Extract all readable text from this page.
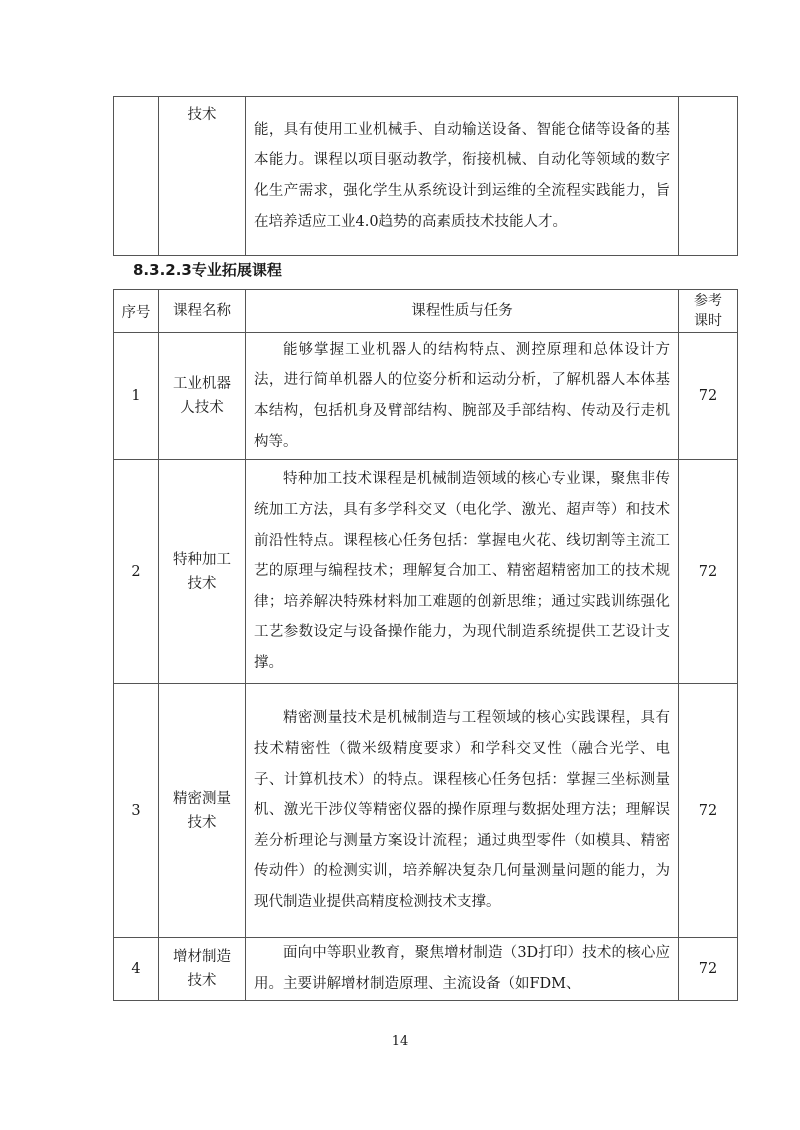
	技术	能，具有使用工业机械手、自动输送设备、智能仓储等设备的基本能力。课程以项目驱动教学，衔接机械、自动化等领域的数字化生产需求，强化学生从系统设计到运维的全流程实践能力，旨在培养适应工业4.0趋势的高素质技术技能人才。	
8.3.2.3专业拓展课程
序号	课程名称	课程性质与任务	参考课时

1	工业机器人技术	能够掌握工业机器人的结构特点、测控原理和总体设计方法，进行简单机器人的位姿分析和运动分析，了解机器人本体基本结构，包括机身及臂部结构、腕部及手部结构、传动及行走机构等。	72
2	特种加工技术	特种加工技术课程是机械制造领域的核心专业课，聚焦非传统加工方法，具有多学科交叉（电化学、激光、超声等）和技术前沿性特点。课程核心任务包括：掌握电火花、线切割等主流工艺的原理与编程技术；理解复合加工、精密超精密加工的技术规律；培养解决特殊材料加工难题的创新思维；通过实践训练强化工艺参数设定与设备操作能力，为现代制造系统提供工艺设计支撑。	72
3	精密测量技术	精密测量技术是机械制造与工程领域的核心实践课程，具有技术精密性（微米级精度要求）和学科交叉性（融合光学、电子、计算机技术）的特点。课程核心任务包括：掌握三坐标测量机、激光干涉仪等精密仪器的操作原理与数据处理方法；理解误差分析理论与测量方案设计流程；通过典型零件（如模具、精密传动件）的检测实训，培养解决复杂几何量测量问题的能力，为现代制造业提供高精度检测技术支撑。	72
4	增材制造技术	面向中等职业教育，聚焦增材制造（3D打印）技术的核心应用。主要讲解增材制造原理、主流设备（如FDM、	72
14
